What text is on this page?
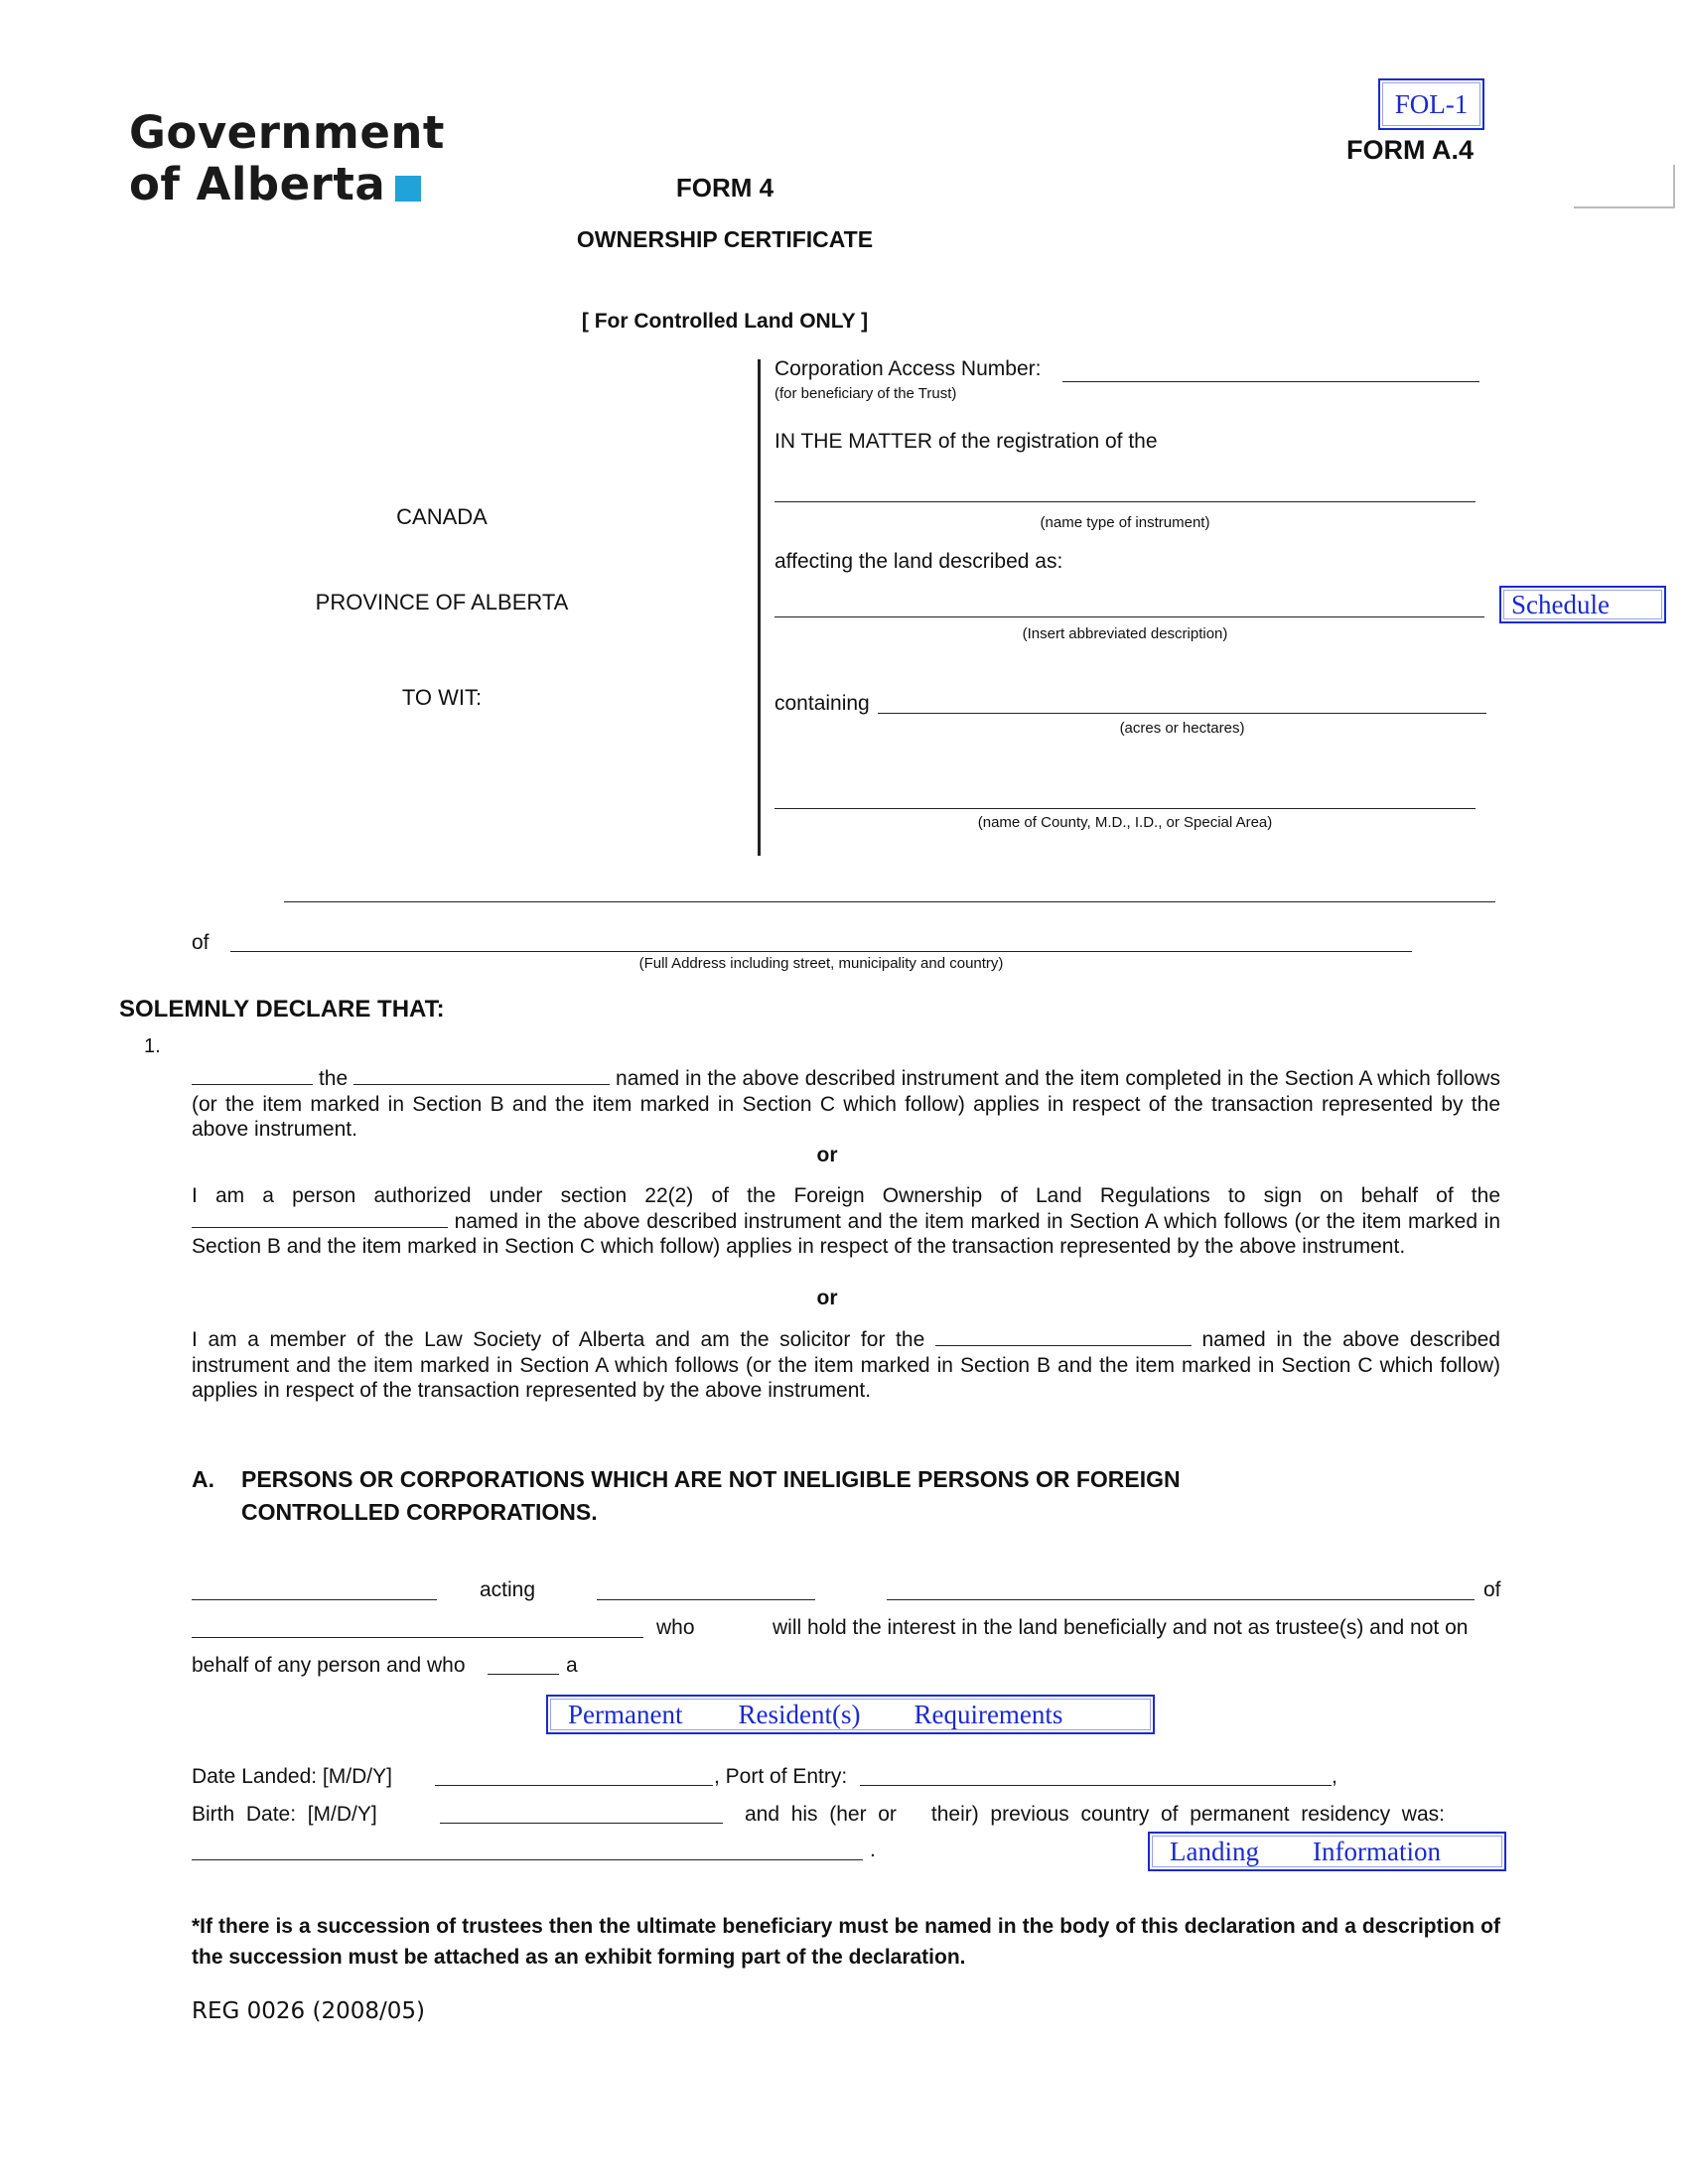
Government
of Alberta
FOL-1
FORM A.4
FORM 4
OWNERSHIP CERTIFICATE
[ For Controlled Land ONLY ]
CANADA
PROVINCE OF ALBERTA
TO WIT:
Corporation Access Number:
(for beneficiary of the Trust)
IN THE MATTER of the registration of the
(name type of instrument)
affecting the land described as:
Schedule
(Insert abbreviated description)
containing
(acres or hectares)
(name of County, M.D., I.D., or Special Area)
of
(Full Address including street, municipality and country)
SOLEMNLY DECLARE THAT:
1.
the	named in the above described instrument and the item completed in the Section A which follows (or the item marked in Section B and the item marked in Section C which follow) applies in respect of the transaction represented by the above instrument.
or
I am a person authorized under section 22(2) of the Foreign Ownership of Land Regulations to sign on behalf of the  named in the above described instrument and the item marked in Section A which follows (or the item marked in Section B and the item marked in Section C which follow) applies in respect of the transaction represented by the above instrument.
or
I am a member of the Law Society of Alberta and am the solicitor for the	named in the above described instrument and the item marked in Section A which follows (or the item marked in Section B and the item marked in Section C which follow) applies in respect of the transaction represented by the above instrument.
A. PERSONS OR CORPORATIONS WHICH ARE NOT INELIGIBLE PERSONS OR FOREIGN
CONTROLLED CORPORATIONS.
acting	of
who	will hold the interest in the land beneficially and not as trustee(s) and not on
behalf of any person and who	a
Permanent Resident(s) Requirements
Date Landed: [M/D/Y]	, Port of Entry:	,
Birth  Date:  [M/D/Y]	and  his  (her  or      their)  previous  country  of  permanent  residency  was:
.	Landing Information
*If there is a succession of trustees then the ultimate beneficiary must be named in the body of this declaration and a description of the succession must be attached as an exhibit forming part of the declaration.
REG 0026 (2008/05)
